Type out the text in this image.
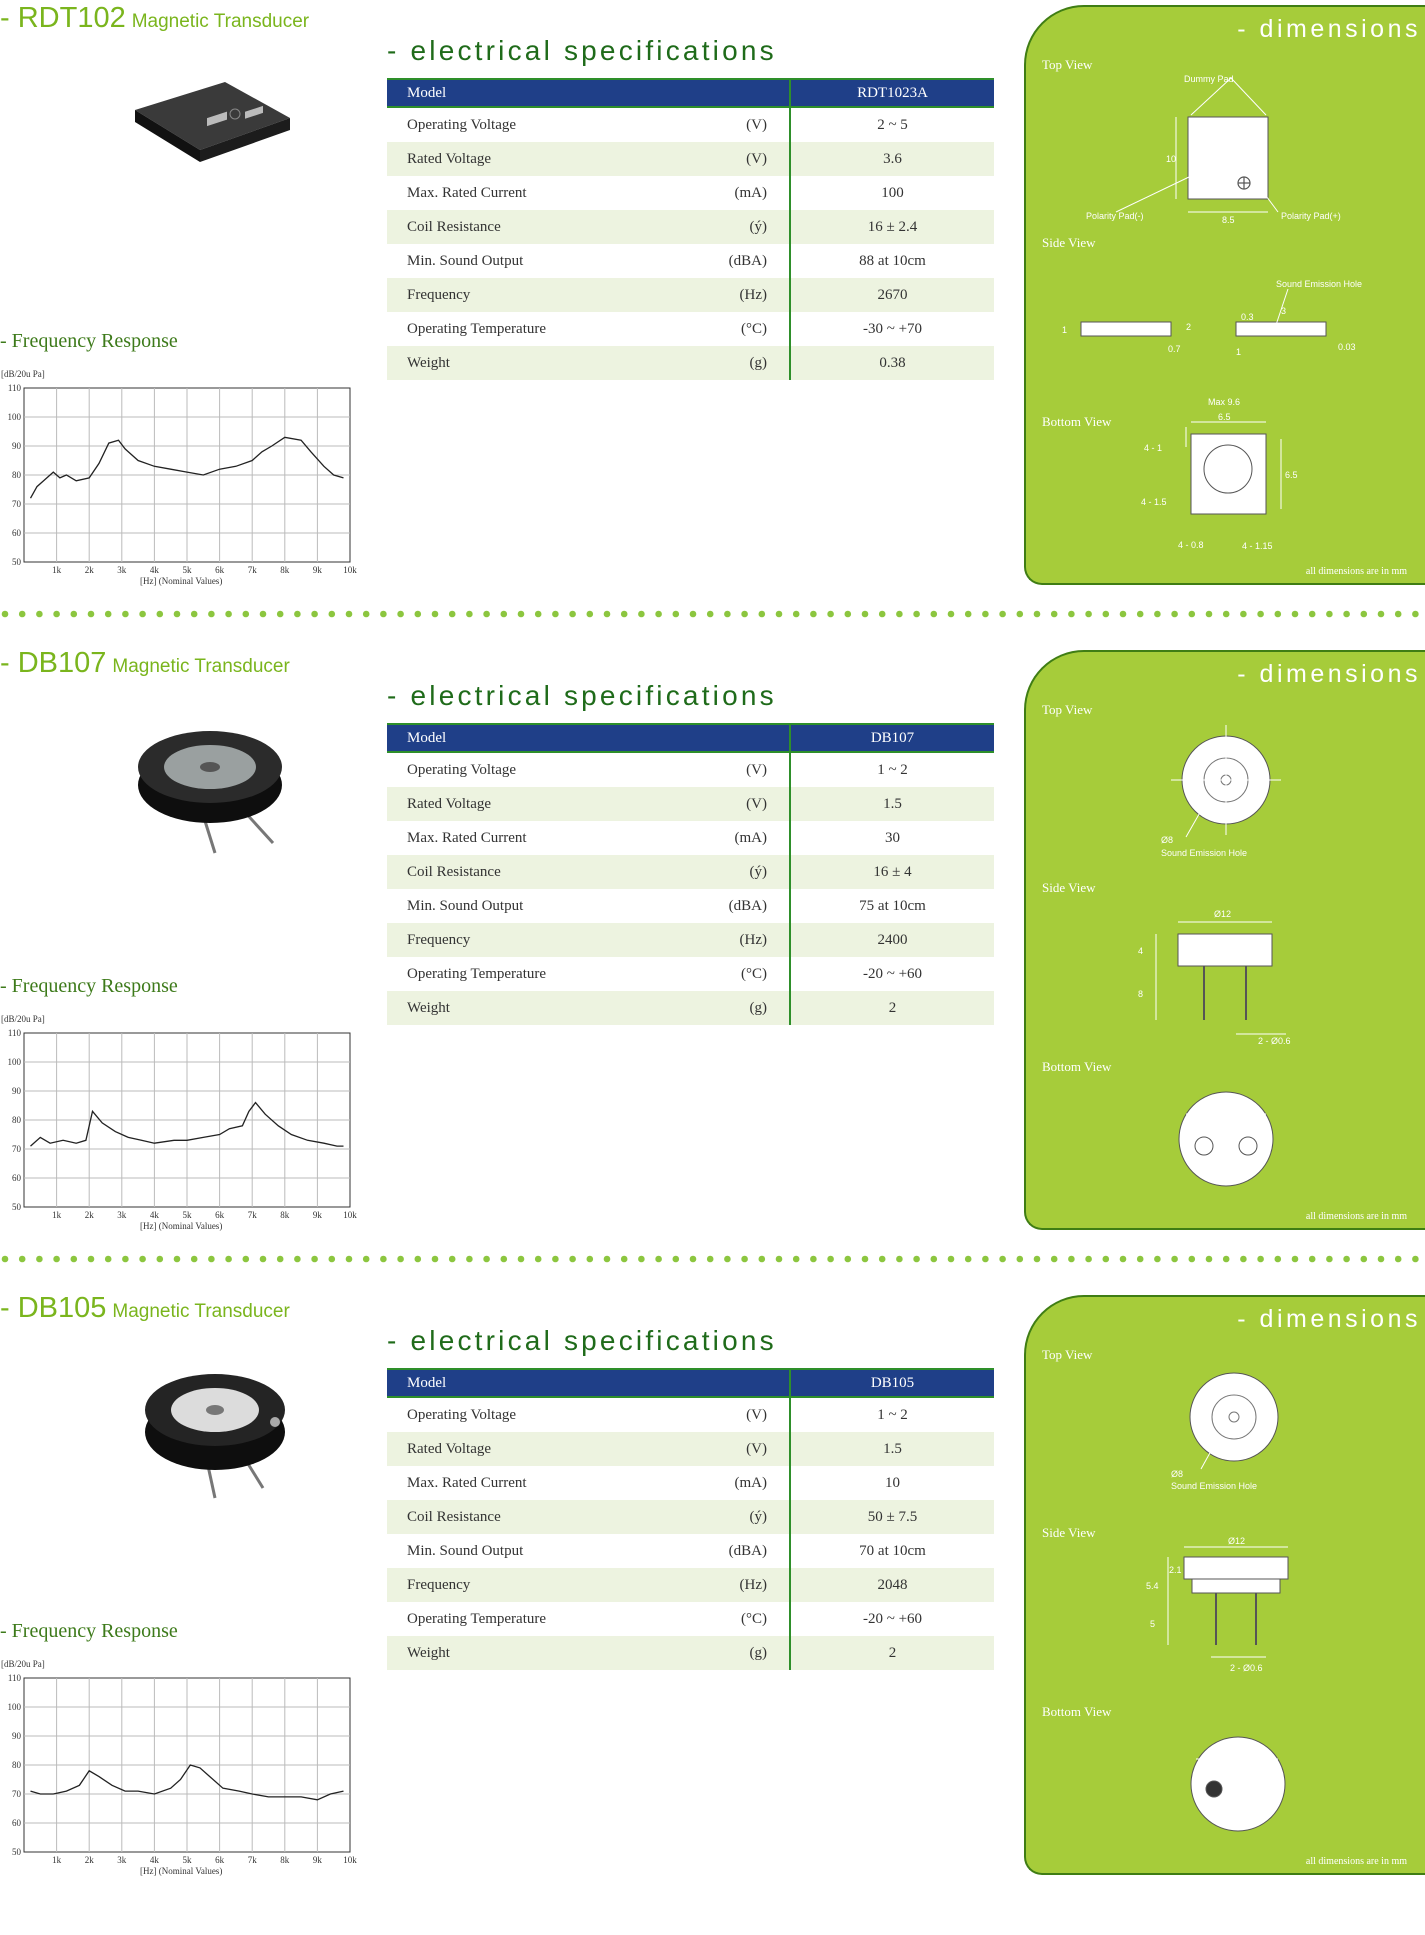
- RDT102 Magnetic Transducer
- Frequency Response
110
100
90
80
70
60
50
1k	2k	3k	4k	5k	6k	7k	8k	9k 10k
[dB/20u Pa]
[Hz] (Nominal Values)
- electrical specifications
Model		RDT1023A
Operating Voltage	(V)	2 ~ 5
Rated Voltage	(V)	3.6
Max. Rated Current	(mA)	100
Coil Resistance	(ý)	16 ± 2.4
Min. Sound Output	(dBA)	88 at 10cm
Frequency	(Hz)	2670
Operating Temperature	(°C)	-30 ~ +70
Weight	(g)	0.38
- dimensions
Top View
Side View
Bottom View
Dummy Pad
10
8.5
Polarity Pad(-)	Polarity Pad(+)
1	2
0.7
Sound Emission Hole
3
0.3
1	0.03
Max 9.6
6.5
4 - 1
6.5
4 - 1.5
4 - 0.8	4 - 1.15
all dimensions are in mm
- DB107 Magnetic Transducer
- Frequency Response
110
100
90
80
70
60
50
1k	2k	3k	4k	5k	6k	7k	8k	9k 10k
[dB/20u Pa]
[Hz] (Nominal Values)
- electrical specifications
Model		DB107
Operating Voltage	(V)	1 ~ 2
Rated Voltage	(V)	1.5
Max. Rated Current	(mA)	30
Coil Resistance	(ý)	16 ± 4
Min. Sound Output	(dBA)	75 at 10cm
Frequency	(Hz)	2400
Operating Temperature	(°C)	-20 ~ +60
Weight	(g)	2
- dimensions
Top View
Side View
Bottom View
Ø8
Sound Emission Hole
Ø12
4
8
2 - Ø0.6
6.5
all dimensions are in mm
- DB105 Magnetic Transducer
- Frequency Response
110
100
90
80
70
60
50
1k	2k	3k	4k	5k	6k	7k	8k	9k 10k
[dB/20u Pa]
[Hz] (Nominal Values)
- electrical specifications
Model		DB105
Operating Voltage	(V)	1 ~ 2
Rated Voltage	(V)	1.5
Max. Rated Current	(mA)	10
Coil Resistance	(ý)	50 ± 7.5
Min. Sound Output	(dBA)	70 at 10cm
Frequency	(Hz)	2048
Operating Temperature	(°C)	-20 ~ +60
Weight	(g)	2
- dimensions
Top View
Side View
Bottom View
Ø8
Sound Emission Hole
Ø12
2.1
5.4
5
2 - Ø0.6
6.5
all dimensions are in mm
